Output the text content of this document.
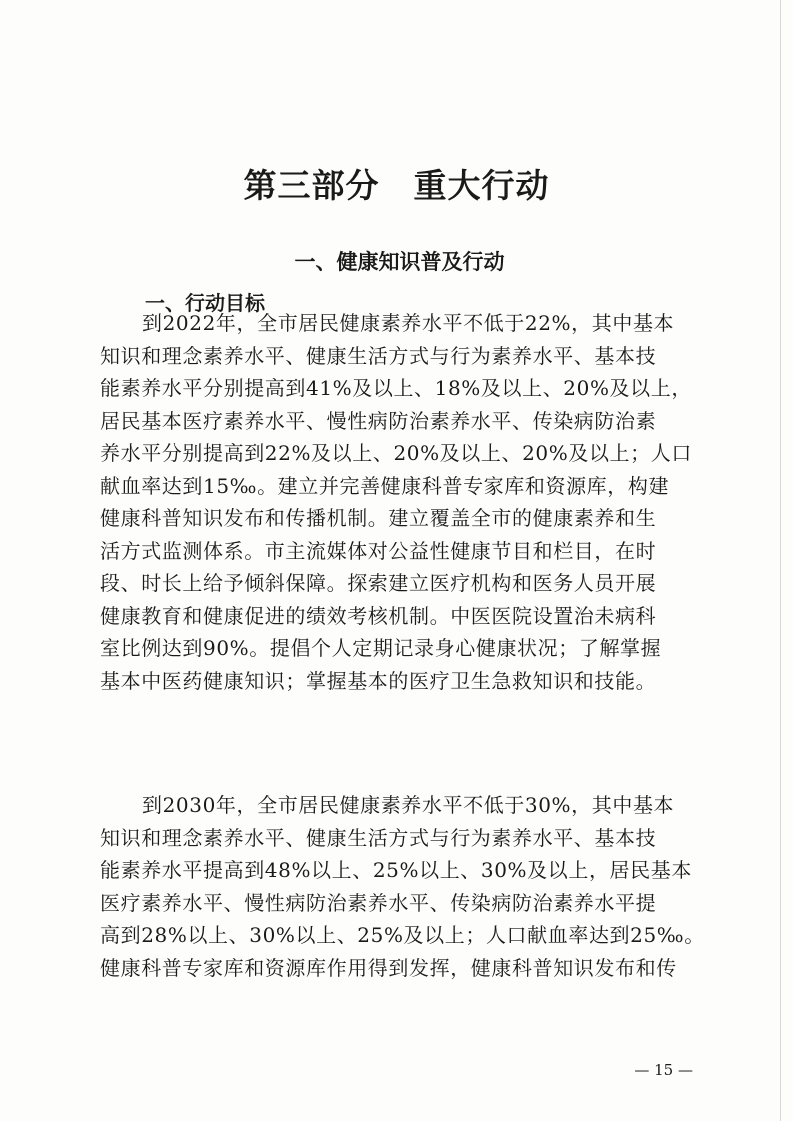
第三部分　重大行动
一、健康知识普及行动
一、行动目标
到2022年，全市居民健康素养水平不低于22%，其中基本
知识和理念素养水平、健康生活方式与行为素养水平、基本技
能素养水平分别提高到41%及以上、18%及以上、20%及以上，
居民基本医疗素养水平、慢性病防治素养水平、传染病防治素
养水平分别提高到22%及以上、20%及以上、20%及以上；人口
献血率达到15‰。建立并完善健康科普专家库和资源库，构建
健康科普知识发布和传播机制。建立覆盖全市的健康素养和生
活方式监测体系。市主流媒体对公益性健康节目和栏目，在时
段、时长上给予倾斜保障。探索建立医疗机构和医务人员开展
健康教育和健康促进的绩效考核机制。中医医院设置治未病科
室比例达到90%。提倡个人定期记录身心健康状况；了解掌握
基本中医药健康知识；掌握基本的医疗卫生急救知识和技能。
到2030年，全市居民健康素养水平不低于30%，其中基本
知识和理念素养水平、健康生活方式与行为素养水平、基本技
能素养水平提高到48%以上、25%以上、30%及以上，居民基本
医疗素养水平、慢性病防治素养水平、传染病防治素养水平提
高到28%以上、30%以上、25%及以上；人口献血率达到25‰。
健康科普专家库和资源库作用得到发挥，健康科普知识发布和传
— 15 —
